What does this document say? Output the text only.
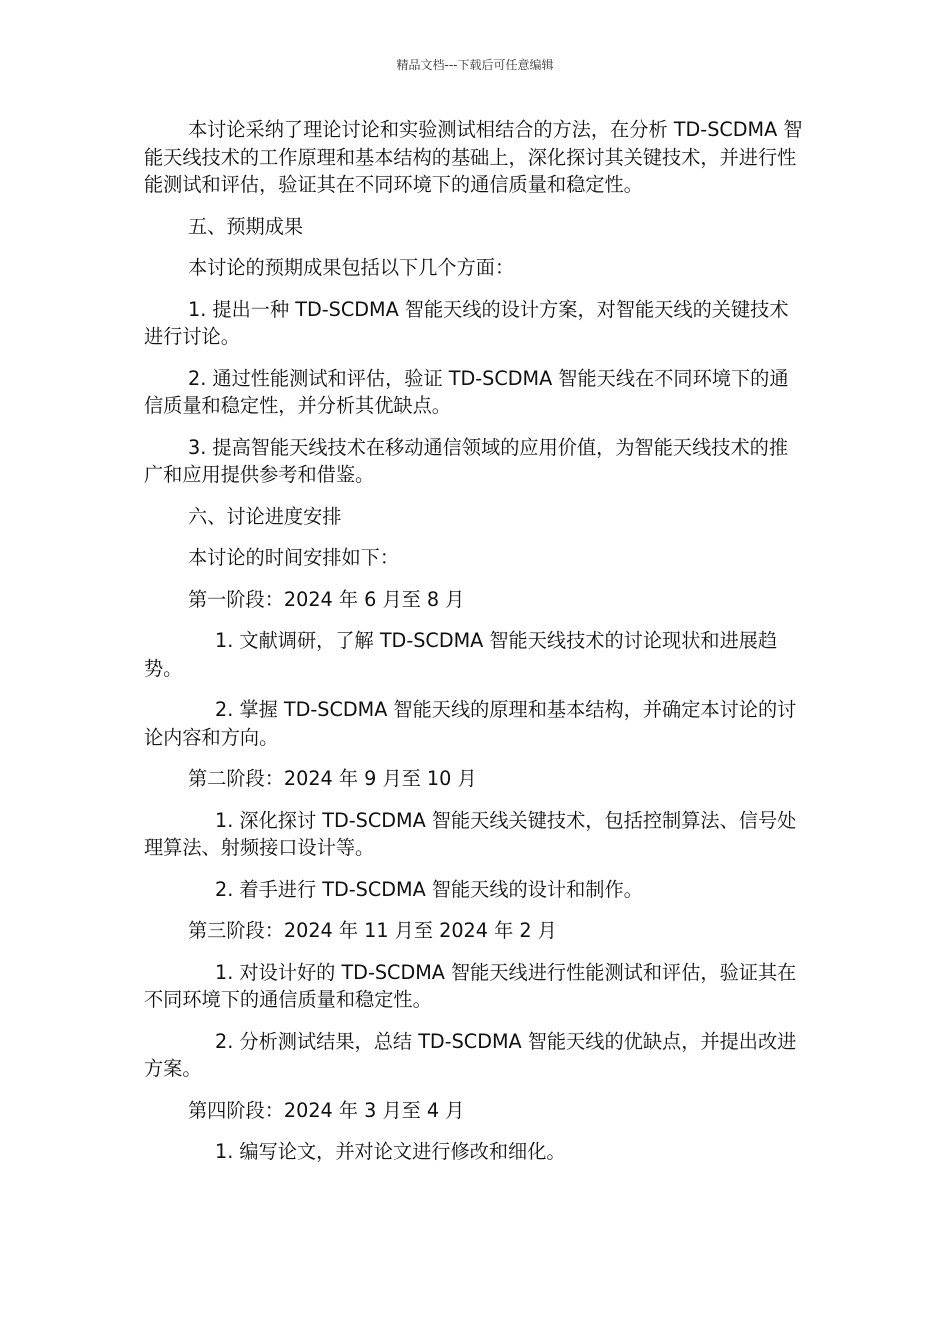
精品文档---下载后可任意编辑

本讨论采纳了理论讨论和实验测试相结合的方法，在分析 TD-SCDMA 智能天线技术的工作原理和基本结构的基础上，深化探讨其关键技术，并进行性能测试和评估，验证其在不同环境下的通信质量和稳定性。

五、预期成果

本讨论的预期成果包括以下几个方面：

1. 提出一种 TD-SCDMA 智能天线的设计方案，对智能天线的关键技术进行讨论。

2. 通过性能测试和评估，验证 TD-SCDMA 智能天线在不同环境下的通信质量和稳定性，并分析其优缺点。

3. 提高智能天线技术在移动通信领域的应用价值，为智能天线技术的推广和应用提供参考和借鉴。

六、讨论进度安排

本讨论的时间安排如下：

第一阶段：2024 年 6 月至 8 月

1. 文献调研，了解 TD-SCDMA 智能天线技术的讨论现状和进展趋势。

2. 掌握 TD-SCDMA 智能天线的原理和基本结构，并确定本讨论的讨论内容和方向。

第二阶段：2024 年 9 月至 10 月

1. 深化探讨 TD-SCDMA 智能天线关键技术，包括控制算法、信号处理算法、射频接口设计等。

2. 着手进行 TD-SCDMA 智能天线的设计和制作。

第三阶段：2024 年 11 月至 2024 年 2 月

1. 对设计好的 TD-SCDMA 智能天线进行性能测试和评估，验证其在不同环境下的通信质量和稳定性。

2. 分析测试结果，总结 TD-SCDMA 智能天线的优缺点，并提出改进方案。

第四阶段：2024 年 3 月至 4 月

1. 编写论文，并对论文进行修改和细化。
